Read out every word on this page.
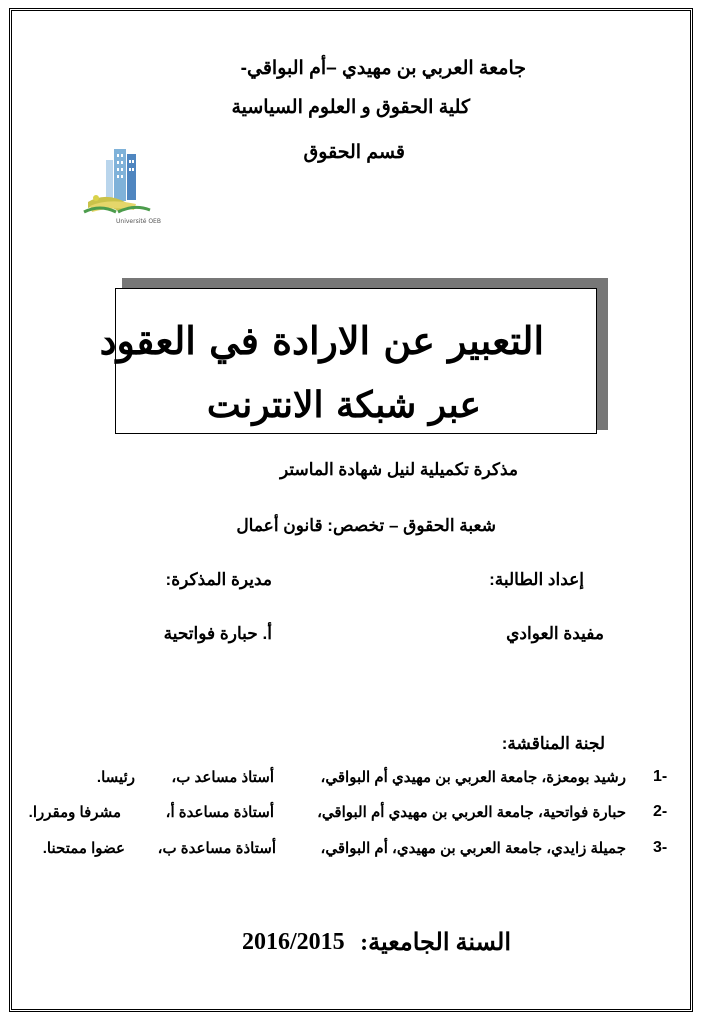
جامعة العربي بن مهيدي –أم البواقي-
كلية الحقوق و العلوم السياسية
قسم الحقوق
Université OEB
التعبير عن الارادة في العقود
عبر شبكة الانترنت
مذكرة تكميلية لنيل شهادة الماستر
شعبة الحقوق – تخصص: قانون أعمال
إعداد الطالبة:
مديرة المذكرة:
مفيدة العوادي
أ. حبارة فواتحية
لجنة المناقشة:
1-
رشيد بومعزة، جامعة العربي بن مهيدي أم البواقي،
أستاذ مساعد ب،
رئيسا.
2-
حبارة فواتحية، جامعة العربي بن مهيدي أم البواقي،
أستاذة مساعدة أ،
مشرفا ومقررا.
3-
جميلة زايدي، جامعة العربي بن مهيدي، أم البواقي،
أستاذة مساعدة ب،
عضوا ممتحنا.
السنة الجامعية:
2016/2015
